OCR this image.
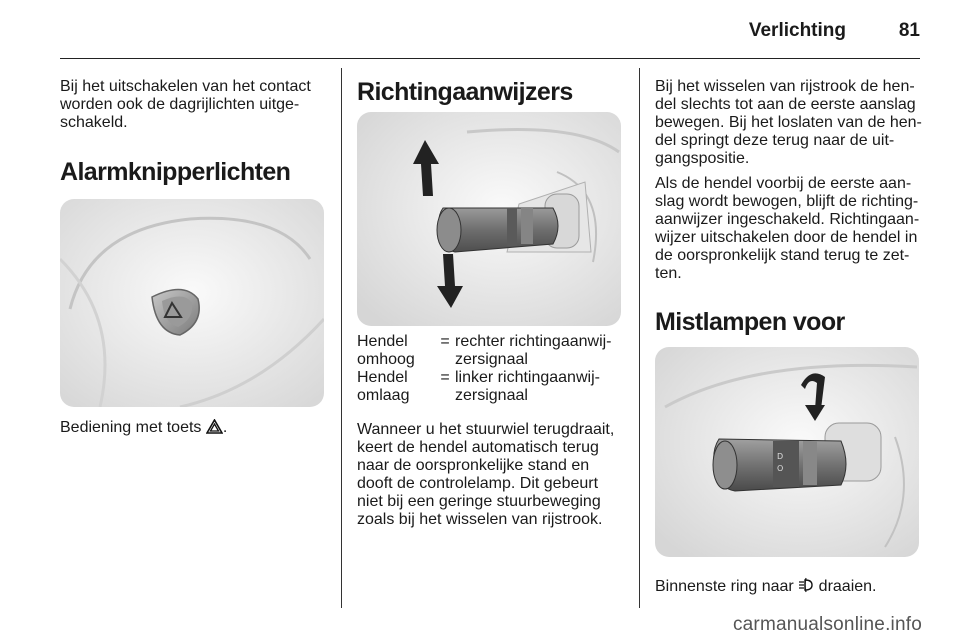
Verlichting	81

Bij het uitschakelen van het contact
worden ook de dagrijlichten uitge-
schakeld.

Alarmknipperlichten

Bediening met toets .

Richtingaanwijzers
Hendel
omhoog
= rechter richtingaanwij-
zersignaal
Hendel
omlaag
= linker richtingaanwij-
zersignaal

Wanneer u het stuurwiel terugdraait,
keert de hendel automatisch terug
naar de oorspronkelijke stand en
dooft de controlelamp. Dit gebeurt
niet bij een geringe stuurbeweging
zoals bij het wisselen van rijstrook.

Bij het wisselen van rijstrook de hen-
del slechts tot aan de eerste aanslag
bewegen. Bij het loslaten van de hen-
del springt deze terug naar de uit-
gangspositie.

Als de hendel voorbij de eerste aan-
slag wordt bewogen, blijft de richting-
aanwijzer ingeschakeld. Richtingaan-
wijzer uitschakelen door de hendel in
de oorspronkelijk stand terug te zet-
ten.

Mistlampen voor
D
O

Binnenste ring naar draaien.

carmanualsonline.info
